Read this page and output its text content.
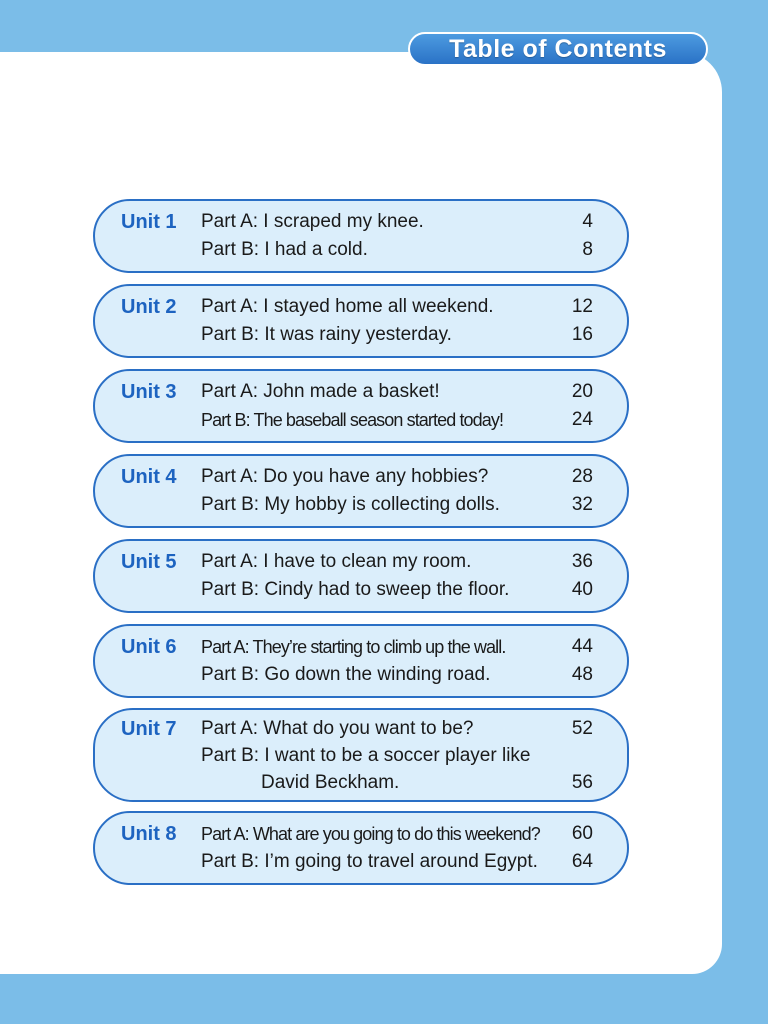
Table of Contents
Unit 1 Part A: I scraped my knee.	4
Part B: I had a cold.	8
Unit 2 Part A: I stayed home all weekend.	12
Part B: It was rainy yesterday.	16
Unit 3 Part A: John made a basket!	20
Part B: The baseball season started today!	24
Unit 4 Part A: Do you have any hobbies?	28
Part B: My hobby is collecting dolls.	32
Unit 5 Part A: I have to clean my room.	36
Part B: Cindy had to sweep the floor.	40
Unit 6 Part A: They’re starting to climb up the wall.	44
Part B: Go down the winding road.	48
Unit 7 Part A: What do you want to be?	52
Part B: I want to be a soccer player like
David Beckham.	56
Unit 8 Part A: What are you going to do this weekend?	60
Part B: I’m going to travel around Egypt.	64
